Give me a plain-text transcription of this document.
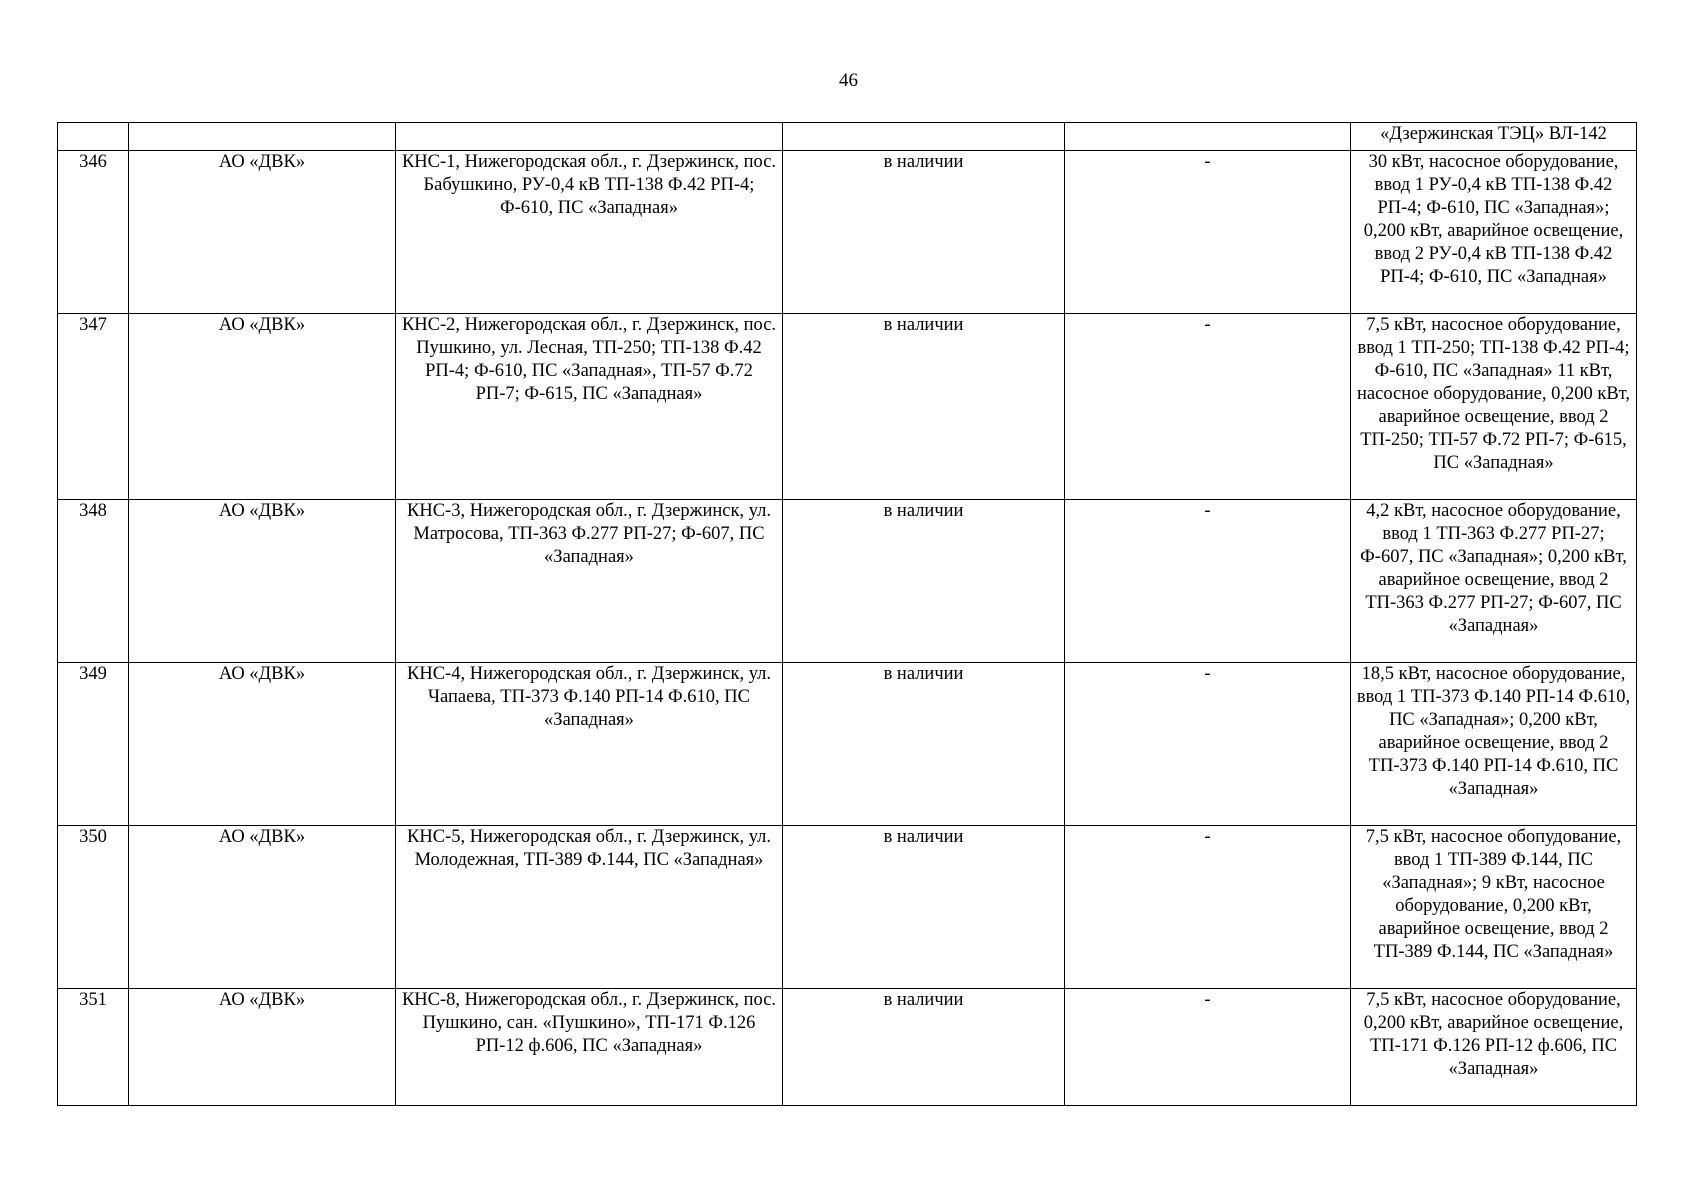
46
					«Дзержинская ТЭЦ» ВЛ-142
346	АО «ДВК»	КНС-1, Нижегородская обл., г. Дзержинск, пос. Бабушкино, РУ-0,4 кВ ТП-138 Ф.42 РП-4; Ф-610, ПС «Западная»	в наличии	-	30 кВт, насосное оборудование, ввод 1 РУ-0,4 кВ ТП-138 Ф.42 РП-4; Ф-610, ПС «Западная»; 0,200 кВт, аварийное освещение, ввод 2 РУ-0,4 кВ ТП-138 Ф.42 РП-4; Ф-610, ПС «Западная»
347	АО «ДВК»	КНС-2, Нижегородская обл., г. Дзержинск, пос. Пушкино, ул. Лесная, ТП-250; ТП-138 Ф.42 РП-4; Ф-610, ПС «Западная», ТП-57 Ф.72 РП-7; Ф-615, ПС «Западная»	в наличии	-	7,5 кВт, насосное оборудование, ввод 1 ТП-250; ТП-138 Ф.42 РП-4; Ф-610, ПС «Западная» 11 кВт, насосное оборудование, 0,200 кВт, аварийное освещение, ввод 2 ТП-250; ТП-57 Ф.72 РП-7; Ф-615, ПС «Западная»
348	АО «ДВК»	КНС-3, Нижегородская обл., г. Дзержинск, ул. Матросова, ТП-363 Ф.277 РП-27; Ф-607, ПС «Западная»	в наличии	-	4,2 кВт, насосное оборудование, ввод 1 ТП-363 Ф.277 РП-27; Ф-607, ПС «Западная»; 0,200 кВт, аварийное освещение, ввод 2 ТП-363 Ф.277 РП-27; Ф-607, ПС «Западная»
349	АО «ДВК»	КНС-4, Нижегородская обл., г. Дзержинск, ул. Чапаева, ТП-373 Ф.140 РП-14 Ф.610, ПС «Западная»	в наличии	-	18,5 кВт, насосное оборудование, ввод 1 ТП-373 Ф.140 РП-14 Ф.610, ПС «Западная»; 0,200 кВт, аварийное освещение, ввод 2 ТП-373 Ф.140 РП-14 Ф.610, ПС «Западная»
350	АО «ДВК»	КНС-5, Нижегородская обл., г. Дзержинск, ул. Молодежная, ТП-389 Ф.144, ПС «Западная»	в наличии	-	7,5 кВт, насосное обопудование, ввод 1 ТП-389 Ф.144, ПС «Западная»; 9 кВт, насосное оборудование, 0,200 кВт, аварийное освещение, ввод 2 ТП-389 Ф.144, ПС «Западная»
351	АО «ДВК»	КНС-8, Нижегородская обл., г. Дзержинск, пос. Пушкино, сан. «Пушкино», ТП-171 Ф.126 РП-12 ф.606, ПС «Западная»	в наличии	-	7,5 кВт, насосное оборудование, 0,200 кВт, аварийное освещение, ТП-171 Ф.126 РП-12 ф.606, ПС «Западная»
